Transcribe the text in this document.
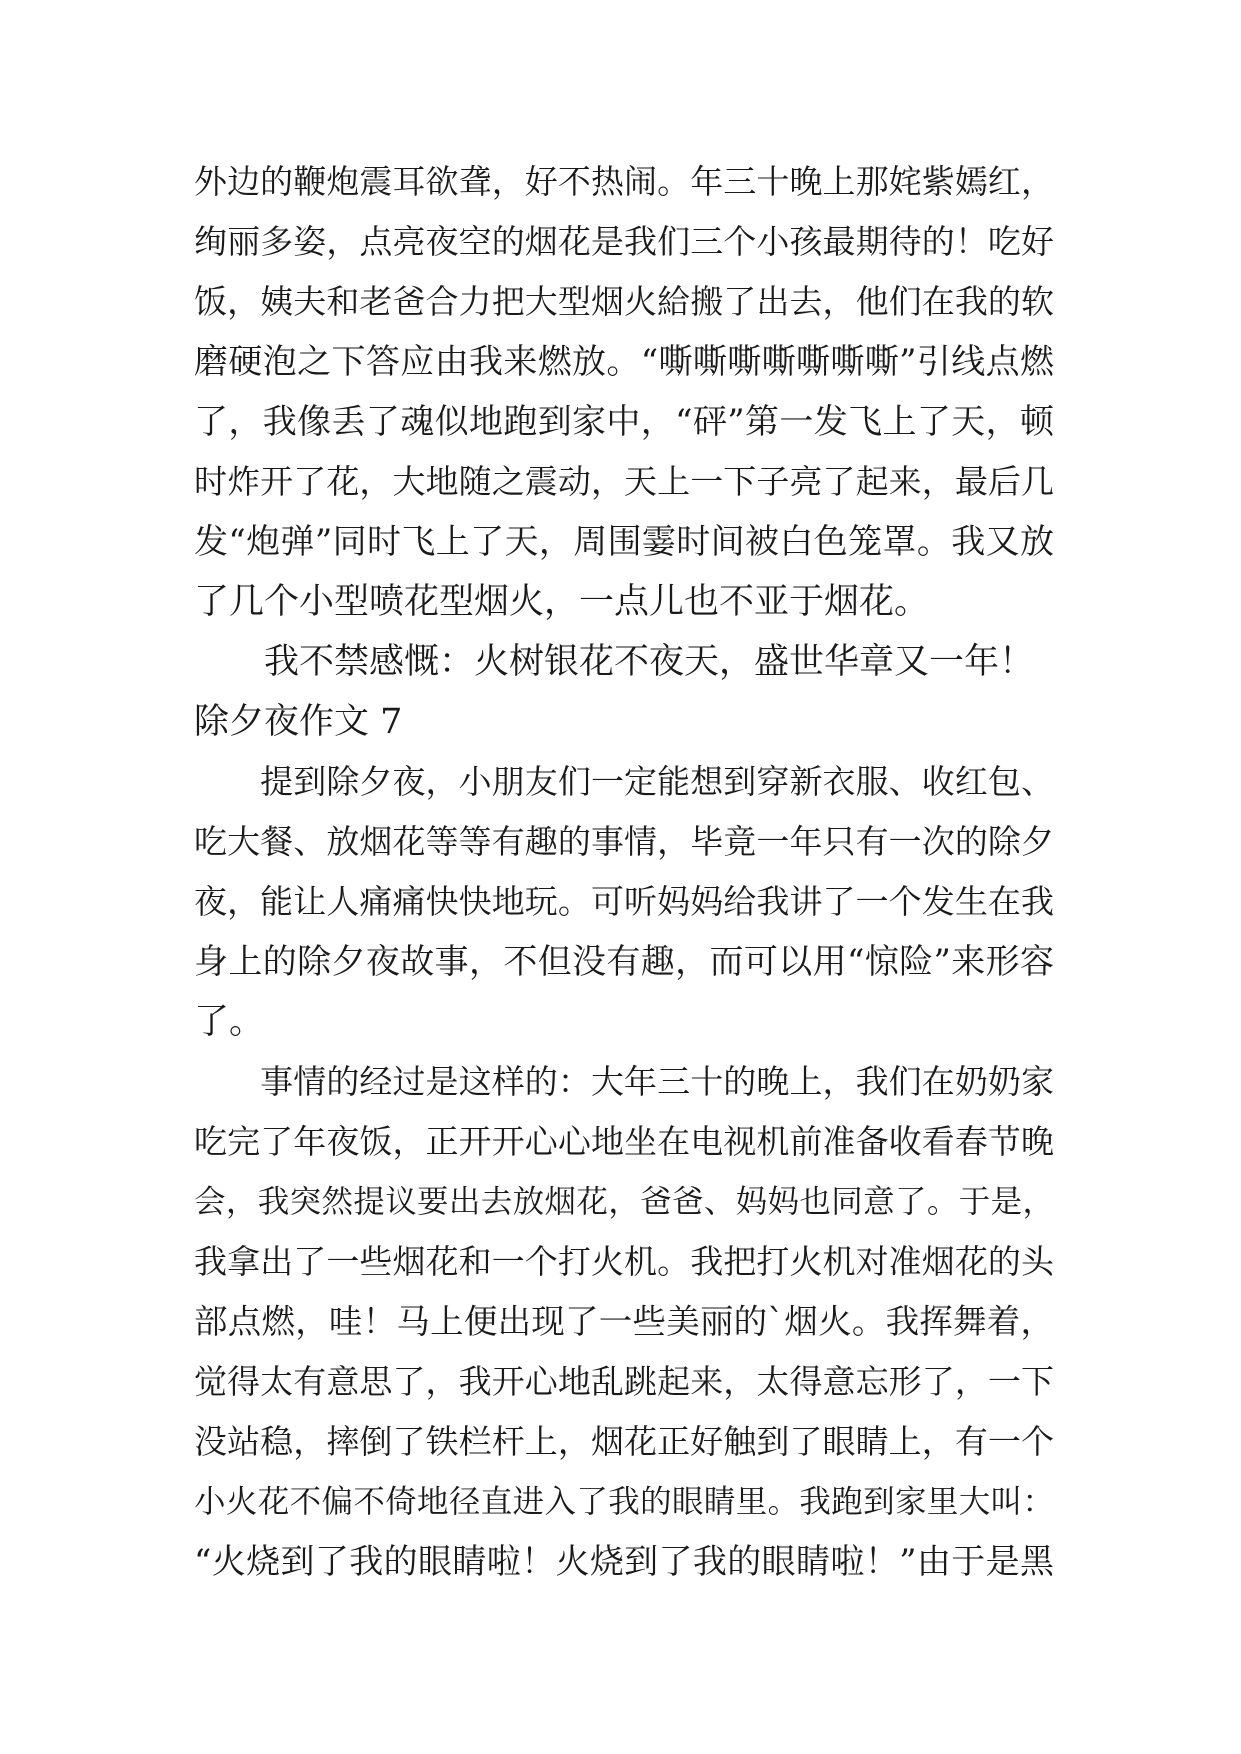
外边的鞭炮震耳欲聋，好不热闹。年三十晚上那姹紫嫣红，
绚丽多姿，点亮夜空的烟花是我们三个小孩最期待的！吃好
饭，姨夫和老爸合力把大型烟火給搬了出去，他们在我的软
磨硬泡之下答应由我来燃放。“嘶嘶嘶嘶嘶嘶嘶”引线点燃
了，我像丢了魂似地跑到家中，“砰”第一发飞上了天，顿
时炸开了花，大地随之震动，天上一下子亮了起来，最后几
发“炮弹”同时飞上了天，周围霎时间被白色笼罩。我又放
了几个小型喷花型烟火，一点儿也不亚于烟花。
　　我不禁感慨：火树银花不夜天，盛世华章又一年！
除夕夜作文 7
　　提到除夕夜，小朋友们一定能想到穿新衣服、收红包、
吃大餐、放烟花等等有趣的事情，毕竟一年只有一次的除夕
夜，能让人痛痛快快地玩。可听妈妈给我讲了一个发生在我
身上的除夕夜故事，不但没有趣，而可以用“惊险”来形容
了。
　　事情的经过是这样的：大年三十的晚上，我们在奶奶家
吃完了年夜饭，正开开心心地坐在电视机前准备收看春节晚
会，我突然提议要出去放烟花，爸爸、妈妈也同意了。于是，
我拿出了一些烟花和一个打火机。我把打火机对准烟花的头
部点燃，哇！马上便出现了一些美丽的`烟火。我挥舞着，
觉得太有意思了，我开心地乱跳起来，太得意忘形了，一下
没站稳，摔倒了铁栏杆上，烟花正好触到了眼睛上，有一个
小火花不偏不倚地径直进入了我的眼睛里。我跑到家里大叫：
“火烧到了我的眼睛啦！火烧到了我的眼睛啦！”由于是黑
